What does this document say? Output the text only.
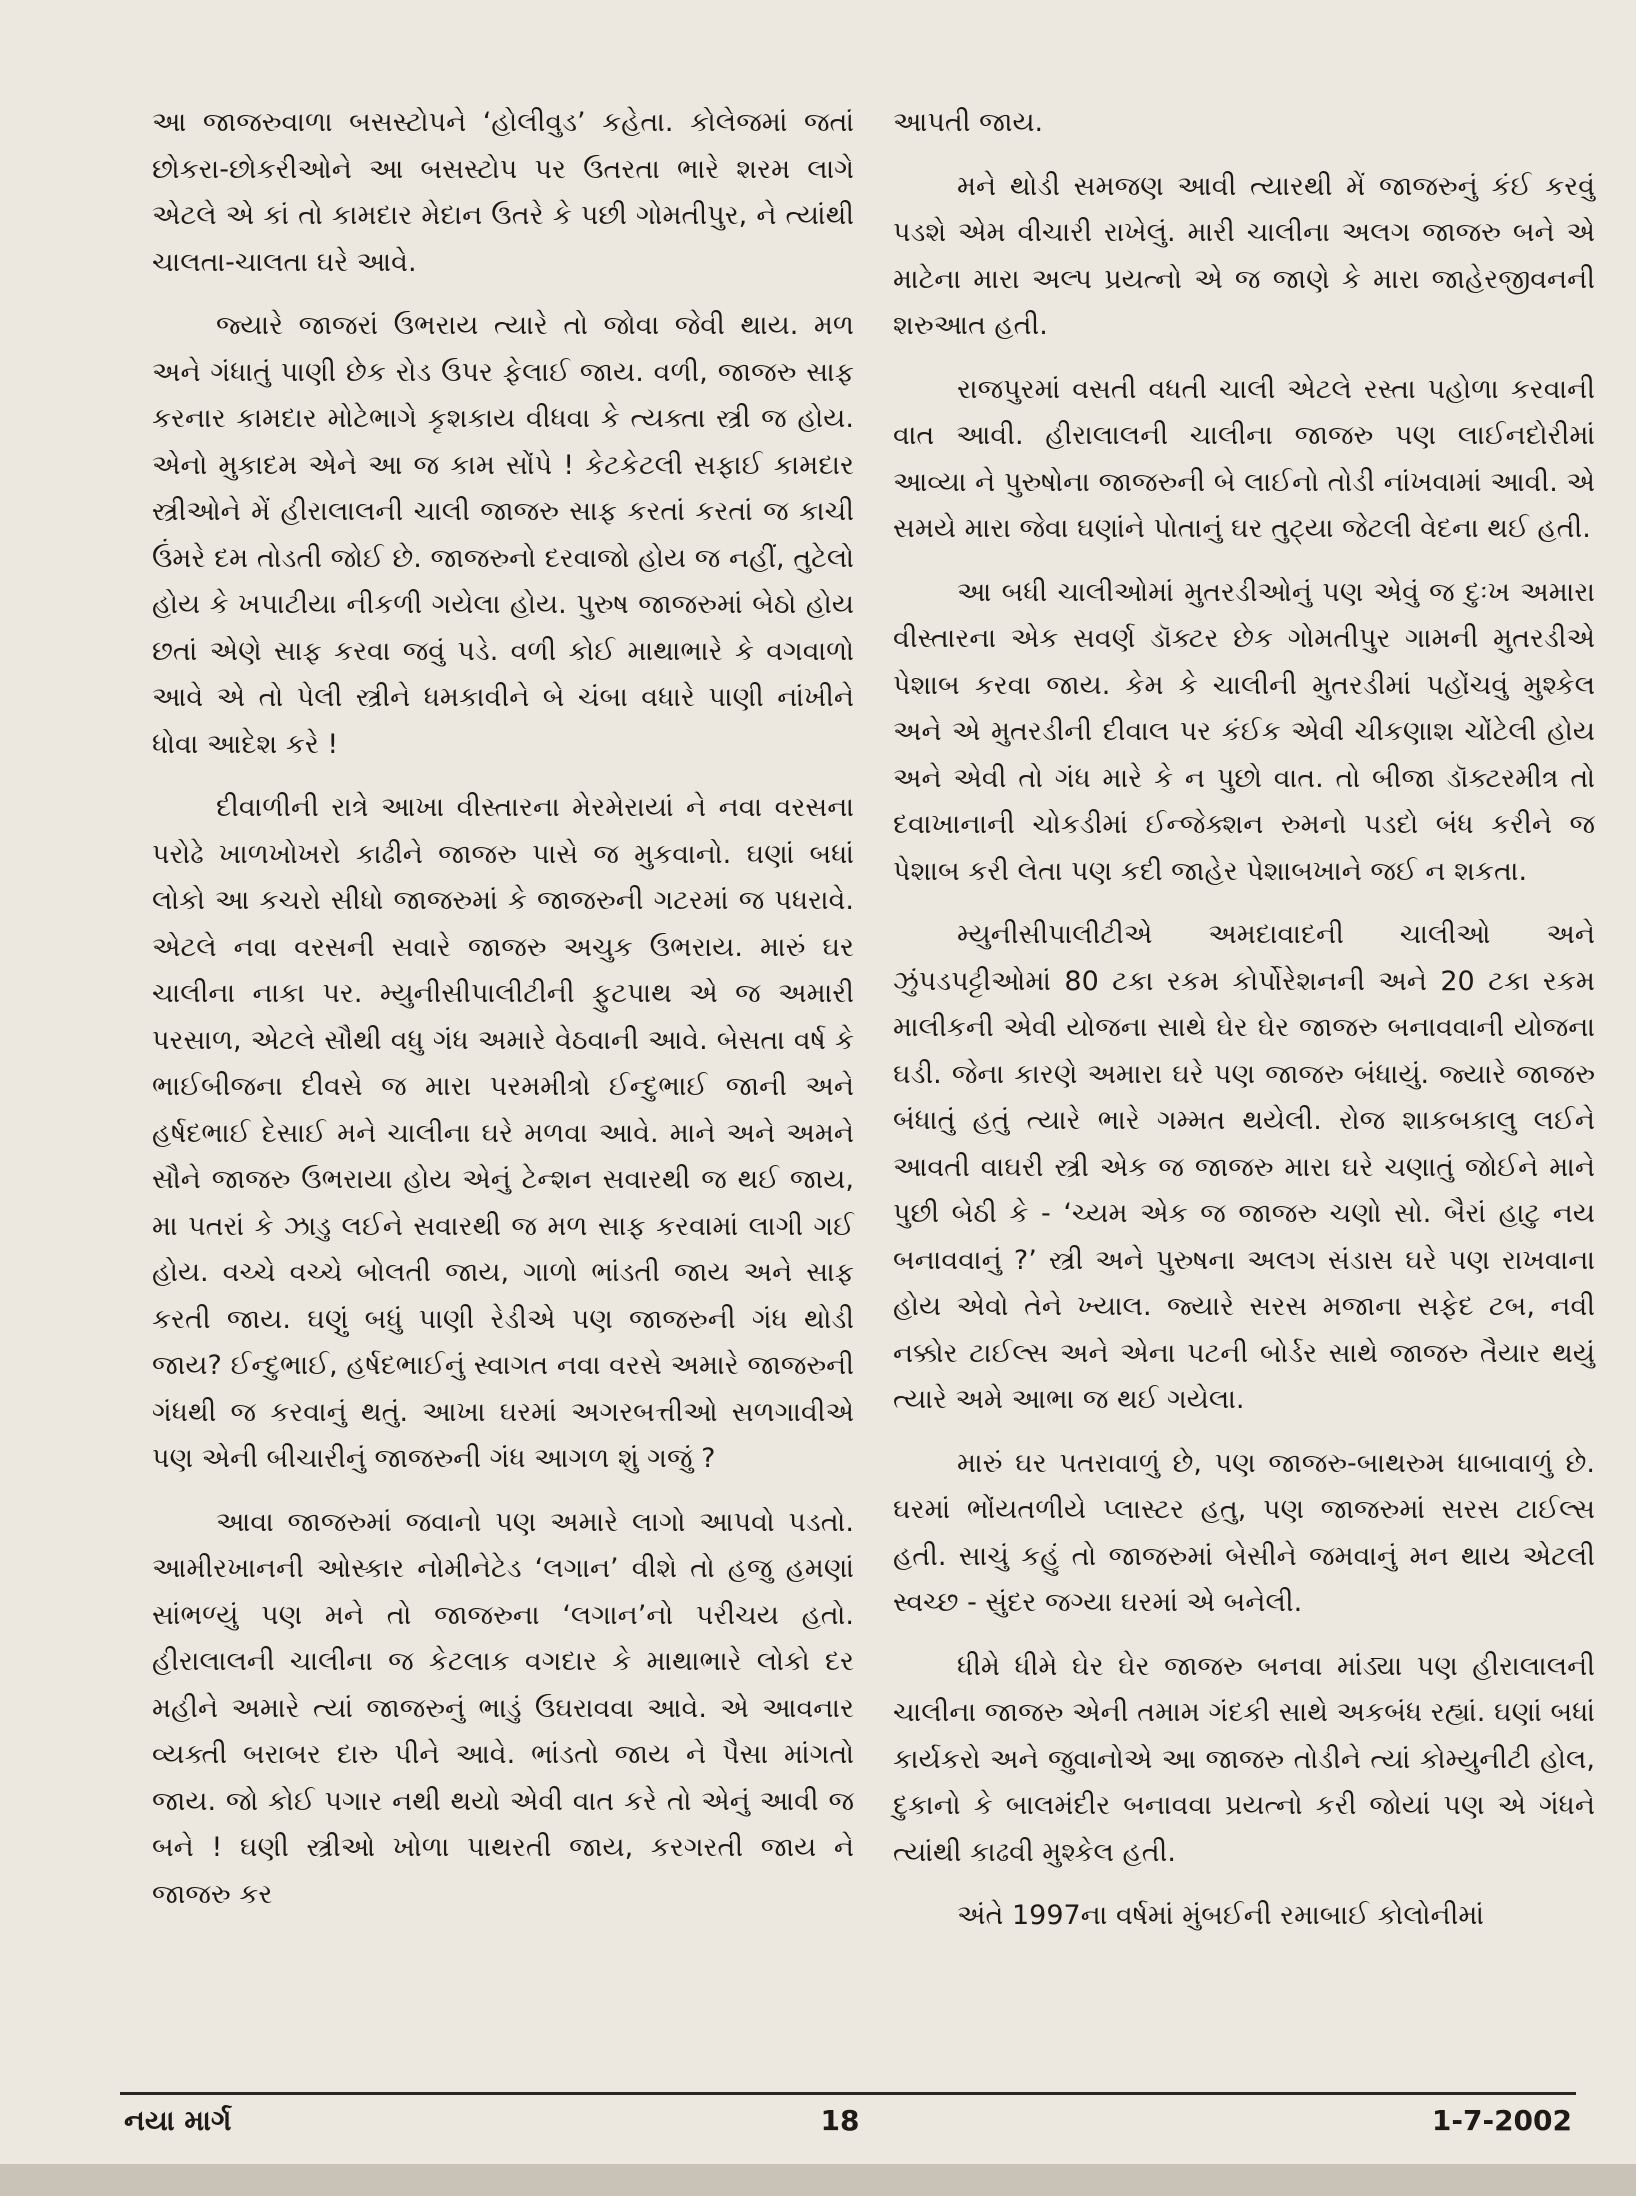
આ જાજરુવાળા બસસ્ટોપને ‘હોલીવુડ’ કહેતા. કોલેજમાં જતાં છોકરા-છોકરીઓને આ બસસ્ટોપ પર ઉતરતા ભારે શરમ લાગે એટલે એ કાં તો કામદાર મેદાન ઉતરે કે પછી ગોમતીપુર, ને ત્યાંથી ચાલતા-ચાલતા ઘરે આવે.

જ્યારે જાજરાં ઉભરાય ત્યારે તો જોવા જેવી થાય. મળ અને ગંધાતું પાણી છેક રોડ ઉપર ફેલાઈ જાય. વળી, જાજરુ સાફ કરનાર કામદાર મોટેભાગે કૃશકાય વીધવા કે ત્યક્તા સ્ત્રી જ હોય. એનો મુકાદમ એને આ જ કામ સોંપે ! કેટકેટલી સફાઈ કામદાર સ્ત્રીઓને મેં હીરાલાલની ચાલી જાજરુ સાફ કરતાં કરતાં જ કાચી ઉંમરે દમ તોડતી જોઈ છે. જાજરુનો દરવાજો હોય જ નહીં, તુટેલો હોય કે ખપાટીયા નીકળી ગયેલા હોય. પુરુષ જાજરુમાં બેઠો હોય છતાં એણે સાફ કરવા જવું પડે. વળી કોઈ માથાભારે કે વગવાળો આવે એ તો પેલી સ્ત્રીને ધમકાવીને બે ચંબા વધારે પાણી નાંખીને ધોવા આદેશ કરે !

દીવાળીની રાત્રે આખા વીસ્તારના મેરમેરાયાં ને નવા વરસના પરોઢે ખાળખોખરો કાઢીને જાજરુ પાસે જ મુકવાનો. ઘણાં બધાં લોકો આ કચરો સીધો જાજરુમાં કે જાજરુની ગટરમાં જ પધરાવે. એટલે નવા વરસની સવારે જાજરુ અચુક ઉભરાય. મારું ઘર ચાલીના નાકા પર. મ્યુનીસીપાલીટીની ફુટપાથ એ જ અમારી પરસાળ, એટલે સૌથી વધુ ગંધ અમારે વેઠવાની આવે. બેસતા વર્ષ કે ભાઈબીજના દીવસે જ મારા પરમમીત્રો ઈન્દુભાઈ જાની અને હર્ષદભાઈ દેસાઈ મને ચાલીના ઘરે મળવા આવે. માને અને અમને સૌને જાજરુ ઉભરાયા હોય એનું ટેન્શન સવારથી જ થઈ જાય, મા પતરાં કે ઝાડુ લઈને સવારથી જ મળ સાફ કરવામાં લાગી ગઈ હોય. વચ્ચે વચ્ચે બોલતી જાય, ગાળો ભાંડતી જાય અને સાફ કરતી જાય. ઘણું બધું પાણી રેડીએ પણ જાજરુની ગંધ થોડી જાય? ઈન્દુભાઈ, હર્ષદભાઈનું સ્વાગત નવા વરસે અમારે જાજરુની ગંધથી જ કરવાનું થતું. આખા ઘરમાં અગરબત્તીઓ સળગાવીએ પણ એની બીચારીનું જાજરુની ગંધ આગળ શું ગજું ?

આવા જાજરુમાં જવાનો પણ અમારે લાગો આપવો પડતો. આમીરખાનની ઓસ્કાર નોમીનેટેડ ‘લગાન’ વીશે તો હજુ હમણાં સાંભળ્યું પણ મને તો જાજરુના ‘લગાન’નો પરીચય હતો. હીરાલાલની ચાલીના જ કેટલાક વગદાર કે માથાભારે લોકો દર મહીને અમારે ત્યાં જાજરુનું ભાડું ઉઘરાવવા આવે. એ આવનાર વ્યક્તી બરાબર દારુ પીને આવે. ભાંડતો જાય ને પૈસા માંગતો જાય. જો કોઈ પગાર નથી થયો એવી વાત કરે તો એનું આવી જ બને ! ઘણી સ્ત્રીઓ ખોળા પાથરતી જાય, કરગરતી જાય ને જાજરુ કર

આપતી જાય.

મને થોડી સમજણ આવી ત્યારથી મેં જાજરુનું કંઈ કરવું પડશે એમ વીચારી રાખેલું. મારી ચાલીના અલગ જાજરુ બને એ માટેના મારા અલ્પ પ્રયત્નો એ જ જાણે કે મારા જાહેરજીવનની શરુઆત હતી.

રાજપુરમાં વસતી વધતી ચાલી એટલે રસ્તા પહોળા કરવાની વાત આવી. હીરાલાલની ચાલીના જાજરુ પણ લાઈનદોરીમાં આવ્યા ને પુરુષોના જાજરુની બે લાઈનો તોડી નાંખવામાં આવી. એ સમયે મારા જેવા ઘણાંને પોતાનું ઘર તુટ્યા જેટલી વેદના થઈ હતી.

આ બધી ચાલીઓમાં મુતરડીઓનું પણ એવું જ દુઃખ અમારા વીસ્તારના એક સવર્ણ ડૉક્ટર છેક ગોમતીપુર ગામની મુતરડીએ પેશાબ કરવા જાય. કેમ કે ચાલીની મુતરડીમાં પહોંચવું મુશ્કેલ અને એ મુતરડીની દીવાલ પર કંઈક એવી ચીકણાશ ચોંટેલી હોય અને એવી તો ગંધ મારે કે ન પુછો વાત. તો બીજા ડૉક્ટરમીત્ર તો દવાખાનાની ચોકડીમાં ઈન્જેક્શન રુમનો પડદો બંધ કરીને જ પેશાબ કરી લેતા પણ કદી જાહેર પેશાબખાને જઈ ન શકતા.

મ્યુનીસીપાલીટીએ અમદાવાદની ચાલીઓ અને ઝુંપડપટ્ટીઓમાં 80 ટકા રકમ કોર્પોરેશનની અને 20 ટકા રકમ માલીકની એવી યોજના સાથે ઘેર ઘેર જાજરુ બનાવવાની યોજના ઘડી. જેના કારણે અમારા ઘરે પણ જાજરુ બંધાયું. જ્યારે જાજરુ બંધાતું હતું ત્યારે ભારે ગમ્મત થયેલી. રોજ શાકબકાલુ લઈને આવતી વાઘરી સ્ત્રી એક જ જાજરુ મારા ઘરે ચણાતું જોઈને માને પુછી બેઠી કે - ‘ચ્યમ એક જ જાજરુ ચણો સો. બૈરાં હાટુ નય બનાવવાનું ?’ સ્ત્રી અને પુરુષના અલગ સંડાસ ઘરે પણ રાખવાના હોય એવો તેને ખ્યાલ. જ્યારે સરસ મજાના સફેદ ટબ, નવી નક્કોર ટાઈલ્સ અને એના પટની બોર્ડર સાથે જાજરુ તૈયાર થયું ત્યારે અમે આભા જ થઈ ગયેલા.

મારું ઘર પતરાવાળું છે, પણ જાજરુ-બાથરુમ ધાબાવાળું છે. ઘરમાં ભોંયતળીયે પ્લાસ્ટર હતુ, પણ જાજરુમાં સરસ ટાઈલ્સ હતી. સાચું કહું તો જાજરુમાં બેસીને જમવાનું મન થાય એટલી સ્વચ્છ - સુંદર જગ્યા ઘરમાં એ બનેલી.

ધીમે ધીમે ઘેર ઘેર જાજરુ બનવા માંડ્યા પણ હીરાલાલની ચાલીના જાજરુ એની તમામ ગંદકી સાથે અકબંધ રહ્યાં. ઘણાં બધાં કાર્યકરો અને જુવાનોએ આ જાજરુ તોડીને ત્યાં કોમ્યુનીટી હોલ, દુકાનો કે બાલમંદીર બનાવવા પ્રયત્નો કરી જોયાં પણ એ ગંધને ત્યાંથી કાઢવી મુશ્કેલ હતી.

અંતે 1997ના વર્ષમાં મુંબઈની રમાબાઈ કોલોનીમાં

નયા માર્ગ	18	1-7-2002
